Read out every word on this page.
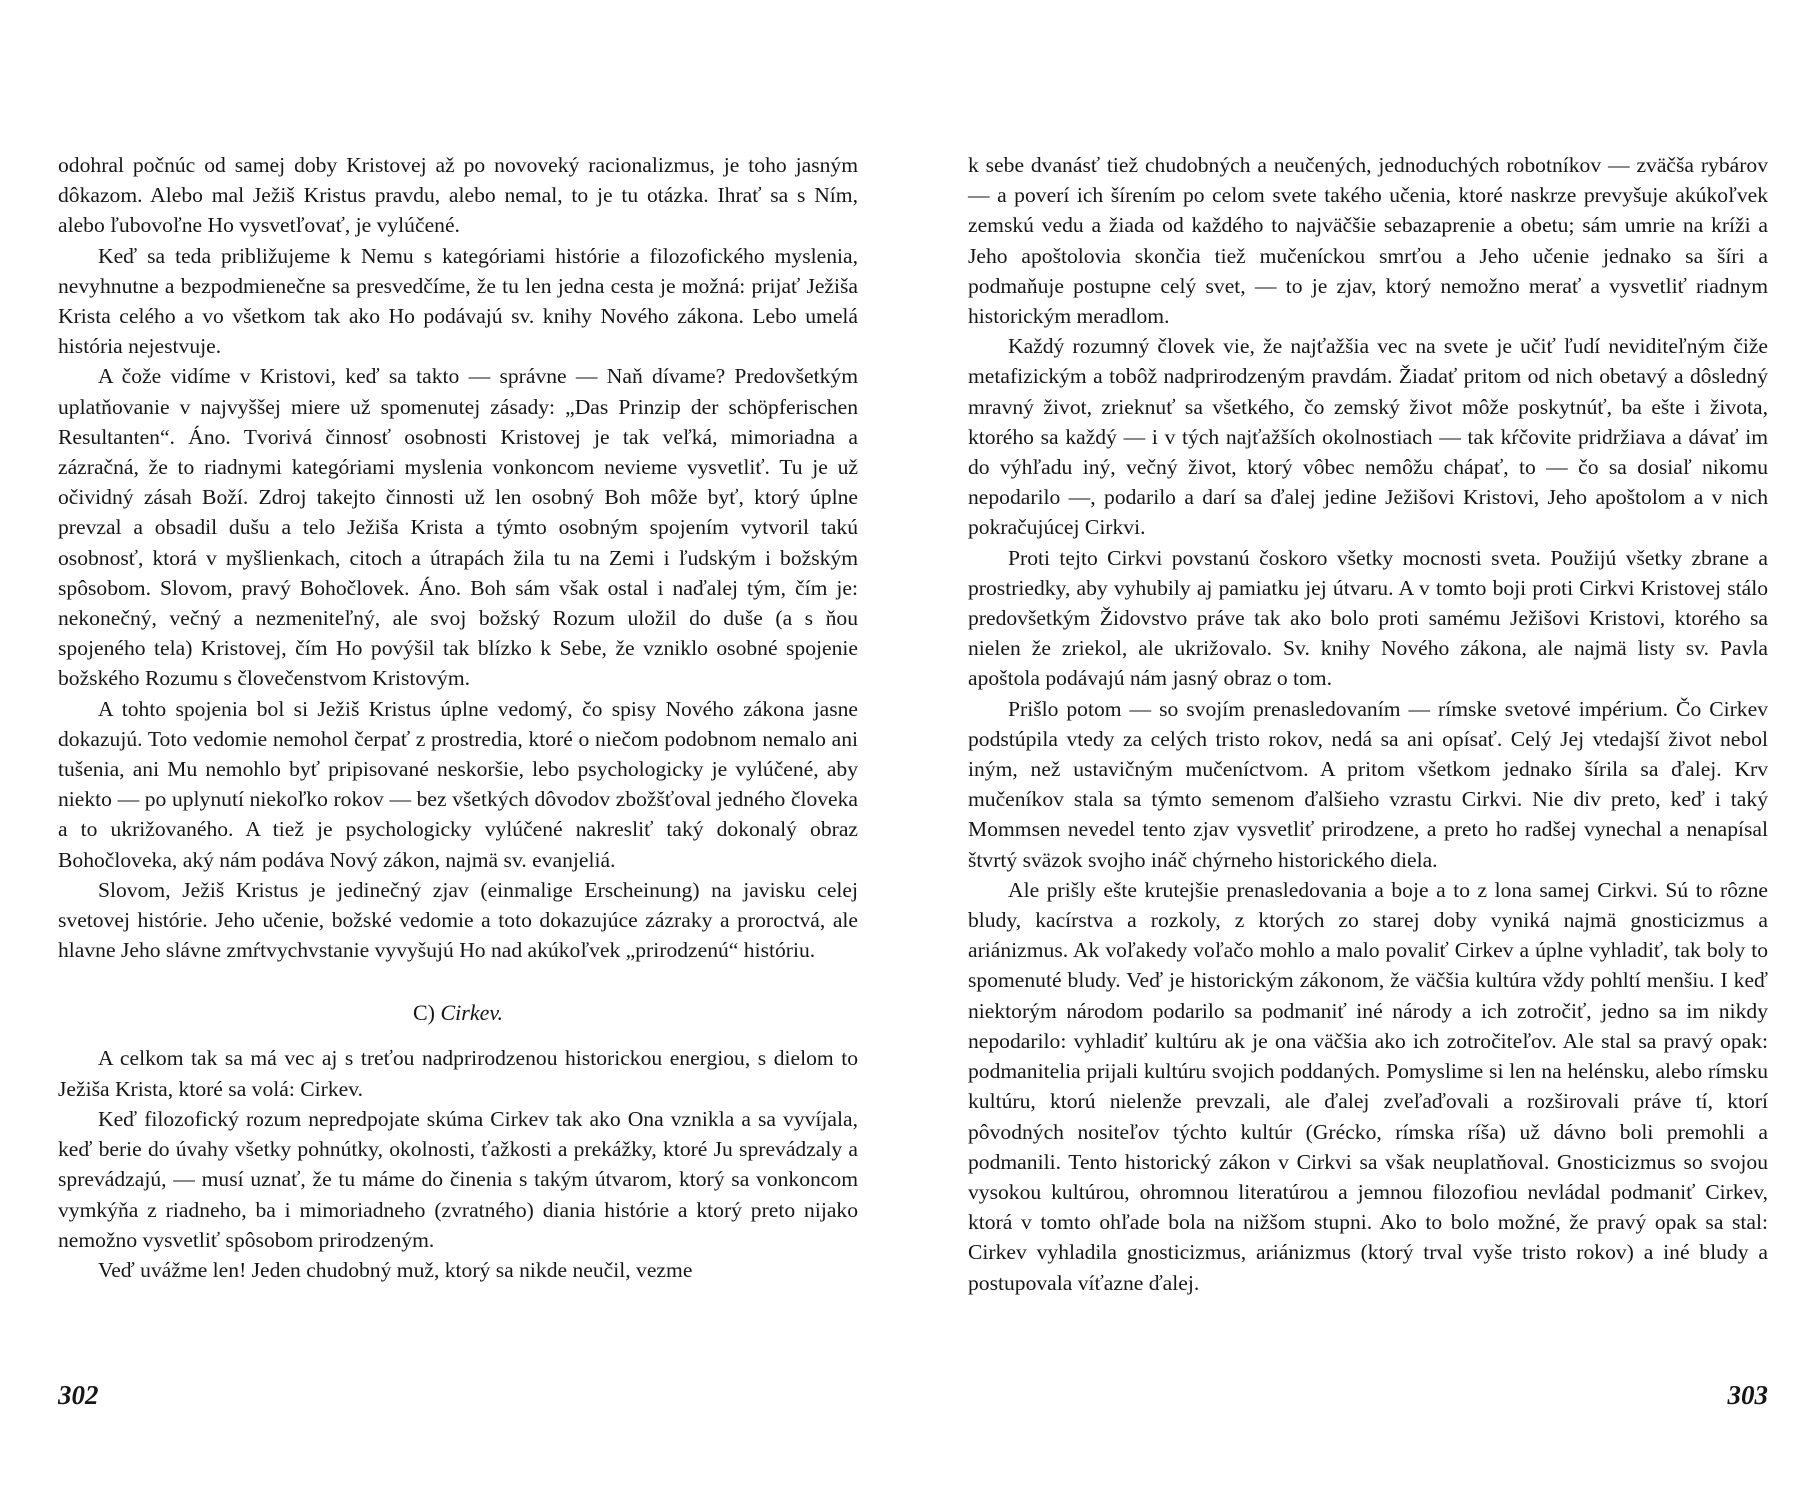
odohral počnúc od samej doby Kristovej až po novoveký racionalizmus, je toho jasným dôkazom. Alebo mal Ježiš Kristus pravdu, alebo nemal, to je tu otázka. Ihrať sa s Ním, alebo ľubovoľne Ho vysvetľovať, je vylúčené.

Keď sa teda približujeme k Nemu s kategóriami histórie a filozofického myslenia, nevyhnutne a bezpodmienečne sa presvedčíme, že tu len jedna cesta je možná: prijať Ježiša Krista celého a vo všetkom tak ako Ho podávajú sv. knihy Nového zákona. Lebo umelá história nejestvuje.

A čože vidíme v Kristovi, keď sa takto — správne — Naň dívame? Predovšetkým uplatňovanie v najvyššej miere už spomenutej zásady: „Das Prinzip der schöpferischen Resultanten“. Áno. Tvorivá činnosť osobnosti Kristovej je tak veľká, mimoriadna a zázračná, že to riadnymi kategóriami myslenia vonkoncom nevieme vysvetliť. Tu je už očividný zásah Boží. Zdroj takejto činnosti už len osobný Boh môže byť, ktorý úplne prevzal a obsadil dušu a telo Ježiša Krista a týmto osobným spojením vytvoril takú osobnosť, ktorá v myšlienkach, citoch a útrapách žila tu na Zemi i ľudským i božským spôsobom. Slovom, pravý Bohočlovek. Áno. Boh sám však ostal i naďalej tým, čím je: nekonečný, večný a nezmeniteľný, ale svoj božský Rozum uložil do duše (a s ňou spojeného tela) Kristovej, čím Ho povýšil tak blízko k Sebe, že vzniklo osobné spojenie božského Rozumu s človečenstvom Kristovým.

A tohto spojenia bol si Ježiš Kristus úplne vedomý, čo spisy Nového zákona jasne dokazujú. Toto vedomie nemohol čerpať z prostredia, ktoré o niečom podobnom nemalo ani tušenia, ani Mu nemohlo byť pripisované neskoršie, lebo psychologicky je vylúčené, aby niekto — po uplynutí niekoľko rokov — bez všetkých dôvodov zbožšťoval jedného človeka a to ukrižovaného. A tiež je psychologicky vylúčené nakresliť taký dokonalý obraz Bohočloveka, aký nám podáva Nový zákon, najmä sv. evanjeliá.

Slovom, Ježiš Kristus je jedinečný zjav (einmalige Erscheinung) na javisku celej svetovej histórie. Jeho učenie, božské vedomie a toto dokazujúce zázraky a proroctvá, ale hlavne Jeho slávne zmŕtvychvstanie vyvyšujú Ho nad akúkoľvek „prirodzenú“ históriu.

C) Cirkev.

A celkom tak sa má vec aj s treťou nadprirodzenou historickou energiou, s dielom to Ježiša Krista, ktoré sa volá: Cirkev.

Keď filozofický rozum nepredpojate skúma Cirkev tak ako Ona vznikla a sa vyvíjala, keď berie do úvahy všetky pohnútky, okolnosti, ťažkosti a prekážky, ktoré Ju sprevádzaly a sprevádzajú, — musí uznať, že tu máme do činenia s takým útvarom, ktorý sa vonkoncom vymkýňa z riadneho, ba i mimoriadneho (zvratného) diania histórie a ktorý preto nijako nemožno vysvetliť spôsobom prirodzeným.

Veď uvážme len! Jeden chudobný muž, ktorý sa nikde neučil, vezme

302

k sebe dvanásť tiež chudobných a neučených, jednoduchých robotníkov — zväčša rybárov — a poverí ich šírením po celom svete takého učenia, ktoré naskrze prevyšuje akúkoľvek zemskú vedu a žiada od každého to najväčšie sebazaprenie a obetu; sám umrie na kríži a Jeho apoštolovia skončia tiež mučeníckou smrťou a Jeho učenie jednako sa šíri a podmaňuje postupne celý svet, — to je zjav, ktorý nemožno merať a vysvetliť riadnym historickým meradlom.

Každý rozumný človek vie, že najťažšia vec na svete je učiť ľudí neviditeľným čiže metafizickým a tobôž nadprirodzeným pravdám. Žiadať pritom od nich obetavý a dôsledný mravný život, zrieknuť sa všetkého, čo zemský život môže poskytnúť, ba ešte i života, ktorého sa každý — i v tých najťažších okolnostiach — tak kŕčovite pridržiava a dávať im do výhľadu iný, večný život, ktorý vôbec nemôžu chápať, to — čo sa dosiaľ nikomu nepodarilo —, podarilo a darí sa ďalej jedine Ježišovi Kristovi, Jeho apoštolom a v nich pokračujúcej Cirkvi.

Proti tejto Cirkvi povstanú čoskoro všetky mocnosti sveta. Použijú všetky zbrane a prostriedky, aby vyhubily aj pamiatku jej útvaru. A v tomto boji proti Cirkvi Kristovej stálo predovšetkým Židovstvo práve tak ako bolo proti samému Ježišovi Kristovi, ktorého sa nielen že zriekol, ale ukrižovalo. Sv. knihy Nového zákona, ale najmä listy sv. Pavla apoštola podávajú nám jasný obraz o tom.

Prišlo potom — so svojím prenasledovaním — rímske svetové impérium. Čo Cirkev podstúpila vtedy za celých tristo rokov, nedá sa ani opísať. Celý Jej vtedajší život nebol iným, než ustavičným mučeníctvom. A pritom všetkom jednako šírila sa ďalej. Krv mučeníkov stala sa týmto semenom ďalšieho vzrastu Cirkvi. Nie div preto, keď i taký Mommsen nevedel tento zjav vysvetliť prirodzene, a preto ho radšej vynechal a nenapísal štvrtý sväzok svojho ináč chýrneho historického diela.

Ale prišly ešte krutejšie prenasledovania a boje a to z lona samej Cirkvi. Sú to rôzne bludy, kacírstva a rozkoly, z ktorých zo starej doby vyniká najmä gnosticizmus a ariánizmus. Ak voľakedy voľačo mohlo a malo povaliť Cirkev a úplne vyhladiť, tak boly to spomenuté bludy. Veď je historickým zákonom, že väčšia kultúra vždy pohltí menšiu. I keď niektorým národom podarilo sa podmaniť iné národy a ich zotročiť, jedno sa im nikdy nepodarilo: vyhladiť kultúru ak je ona väčšia ako ich zotročiteľov. Ale stal sa pravý opak: podmanitelia prijali kultúru svojich poddaných. Pomyslime si len na helénsku, alebo rímsku kultúru, ktorú nielenže prevzali, ale ďalej zveľaďovali a rozširovali práve tí, ktorí pôvodných nositeľov týchto kultúr (Grécko, rímska ríša) už dávno boli premohli a podmanili. Tento historický zákon v Cirkvi sa však neuplatňoval. Gnosticizmus so svojou vysokou kultúrou, ohromnou literatúrou a jemnou filozofiou nevládal podmaniť Cirkev, ktorá v tomto ohľade bola na nižšom stupni. Ako to bolo možné, že pravý opak sa stal: Cirkev vyhladila gnosticizmus, ariánizmus (ktorý trval vyše tristo rokov) a iné bludy a postupovala víťazne ďalej.

303
